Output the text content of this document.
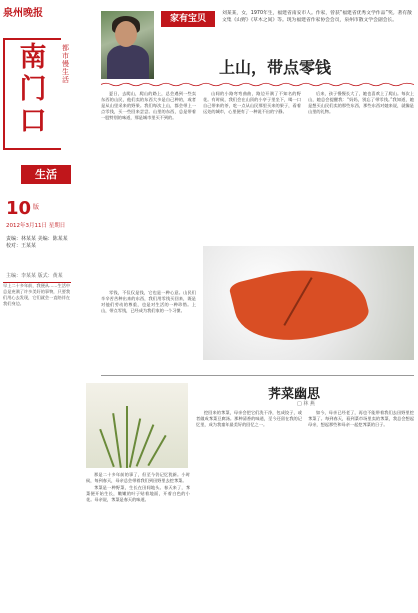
泉州晚报
南门口
都市慢生活
生活
10 版
2012年3月11日 星期日
责编：林某某 美编：陈某某 校对：王某某
主编：李某某 版式：黄某
早上二十多年前，我便从……生活中总是充满了许多美好的事物，只要我们用心去发现，它们就会一直陪伴在我们身边。
家有宝贝
刘某某，女，1970年生，福建省南安市人。作家，曾获“福建省优秀文学作品”奖。著有散文集《山野》《草木之间》等。现为福建省作家协会会员，泉州市散文学会副会长。
上山，带点零钱

夏日，去爬山，爬山的路上，总会遇到一些卖东西的山民，他们卖的东西大多是自己种的，或者是从山里采来的野果。我们每次上山，都会带上一点零钱，买一些回来尝尝。山里的东西，总是带着一股特别的味道，那是城市里买不到的。

山间的小路弯弯曲曲，路边开满了不知名的野花。有时候，我们会在山顶的小亭子里坐下，喝一口自己带来的茶，吃一点从山民那里买来的果子，看着远处的城市，心里便有了一种说不出的宁静。

后来，孩子慢慢长大了，她也喜欢上了爬山。每次上山，她总会提醒我：“妈妈，别忘了带零钱。”我知道，她是想买山民们卖的那些东西，那些东西对她来说，就像是山里的礼物。

零钱，不仅仅是钱，它也是一种心意。山民们辛辛苦苦种出来的东西，我们用零钱买回来，既是对他们劳动的尊重，也是对生活的一种珍惜。上山，带点零钱，已经成为我们家的一个习惯。

荠菜幽思
□ 林 燕

那是二十多年前的事了，但至今仍记忆犹新。小时候，每到春天，母亲总会带着我们到田野里去挖荠菜。

荠菜是一种野菜，生长在田间地头。春天来了，荠菜便开始生长，嫩嫩的叶子贴着地面，开着白色的小花。母亲说，荠菜是春天的味道。

挖回来的荠菜，母亲会把它们洗干净，包成饺子，或者做成荠菜豆腐汤。那种清香的味道，至今还留在我的记忆里，成为我童年最美好的回忆之一。

如今，母亲已经老了，再也不能带着我们去田野里挖荠菜了。每到春天，看到菜市场里卖的荠菜，我总会想起母亲，想起那些和母亲一起挖荠菜的日子。
